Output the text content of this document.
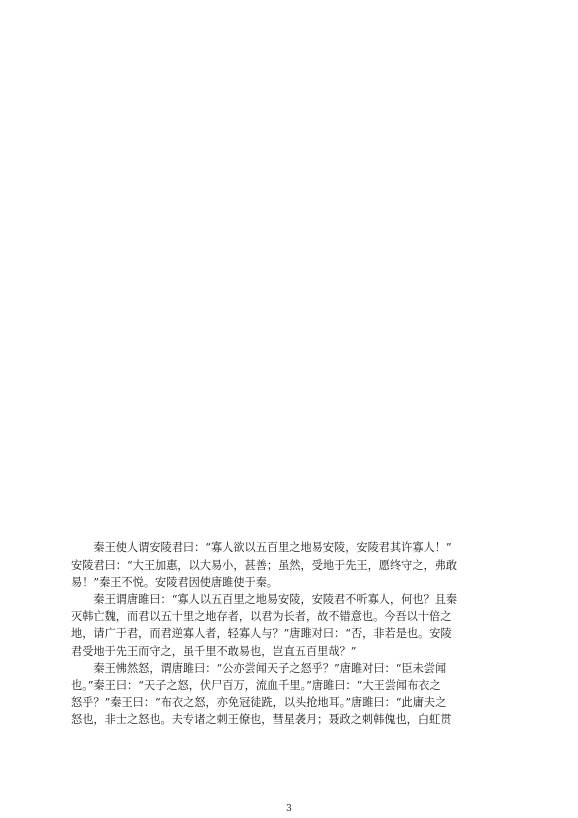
　　秦王使人谓安陵君曰：“寡人欲以五百里之地易安陵，安陵君其许寡人！”
安陵君曰：“大王加惠，以大易小，甚善；虽然，受地于先王，愿终守之，弗敢
易！”秦王不悦。安陵君因使唐雎使于秦。
　　秦王谓唐雎曰：“寡人以五百里之地易安陵，安陵君不听寡人，何也？且秦
灭韩亡魏，而君以五十里之地存者，以君为长者，故不错意也。今吾以十倍之
地，请广于君，而君逆寡人者，轻寡人与？”唐雎对曰：“否，非若是也。安陵
君受地于先王而守之，虽千里不敢易也，岂直五百里哉？”
　　秦王怫然怒，谓唐雎曰：“公亦尝闻天子之怒乎？”唐雎对曰：“臣未尝闻
也。”秦王曰：“天子之怒，伏尸百万，流血千里。”唐雎曰：“大王尝闻布衣之
怒乎？”秦王曰：“布衣之怒，亦免冠徒跣，以头抢地耳。”唐雎曰：“此庸夫之
怒也，非士之怒也。夫专诸之刺王僚也，彗星袭月；聂政之刺韩傀也，白虹贯
3
